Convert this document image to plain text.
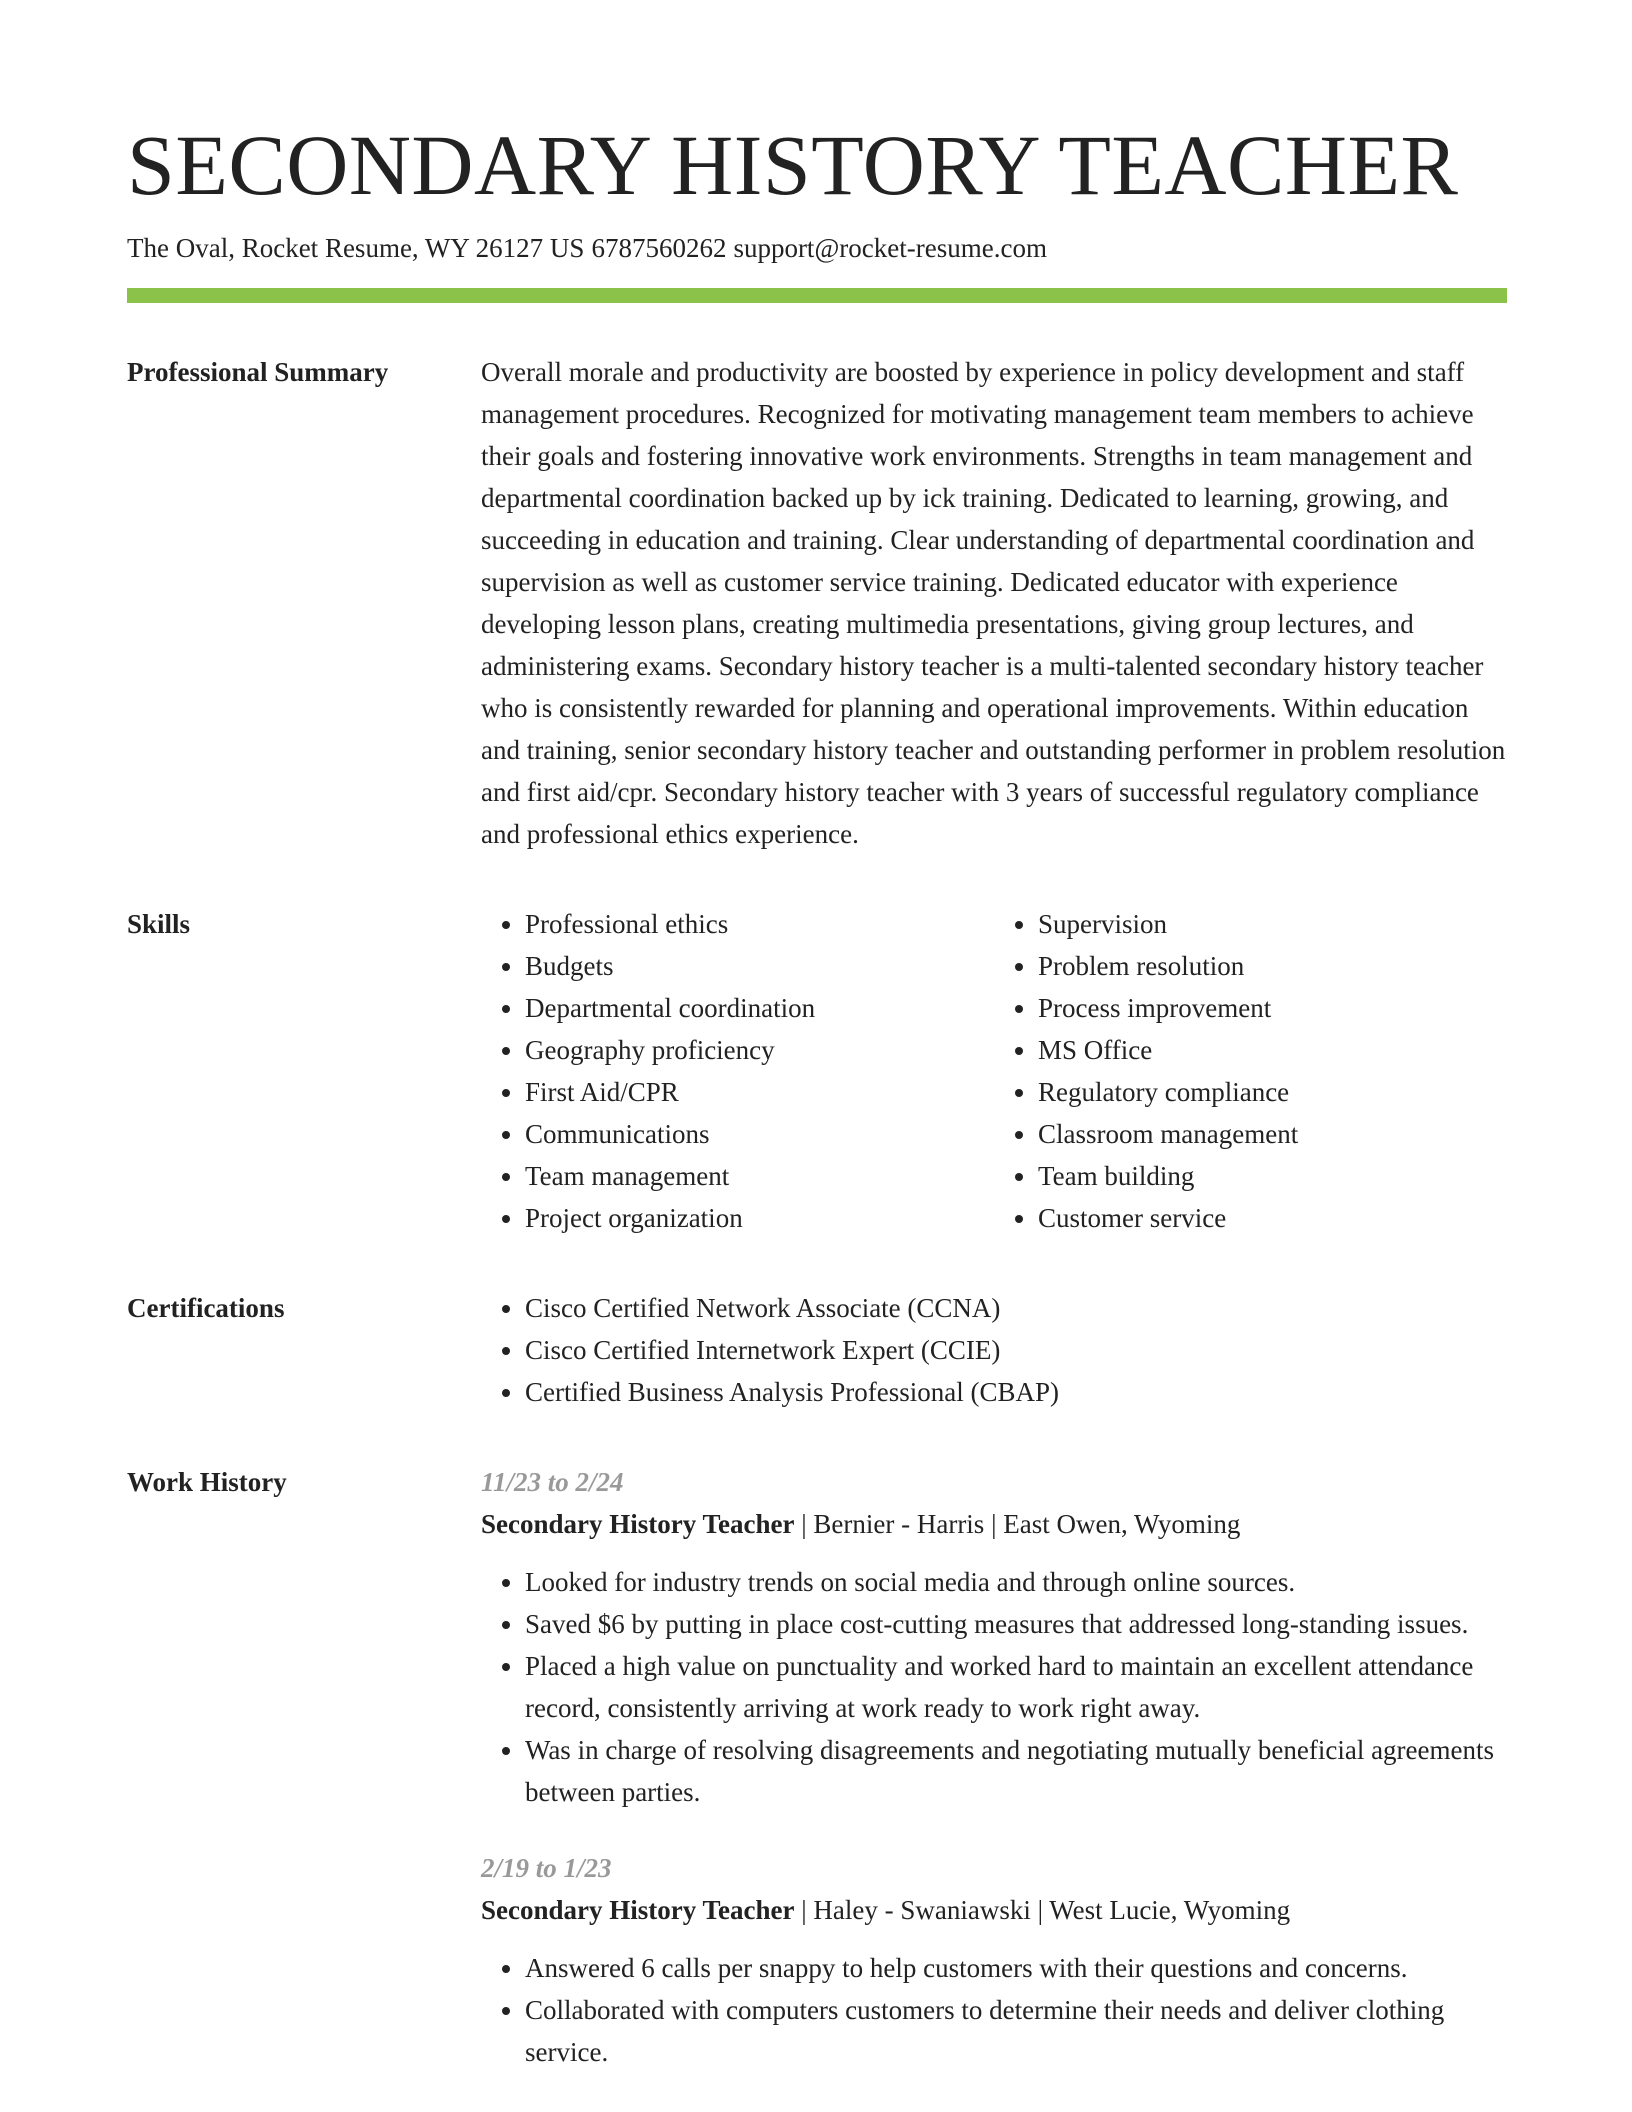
SECONDARY HISTORY TEACHER
The Oval, Rocket Resume, WY 26127 US 6787560262 support@rocket-resume.com
Professional Summary	Overall morale and productivity are boosted by experience in policy development and staff management procedures. Recognized for motivating management team members to achieve their goals and fostering innovative work environments. Strengths in team management and departmental coordination backed up by ick training. Dedicated to learning, growing, and succeeding in education and training. Clear understanding of departmental coordination and supervision as well as customer service training. Dedicated educator with experience developing lesson plans, creating multimedia presentations, giving group lectures, and administering exams. Secondary history teacher is a multi-talented secondary history teacher who is consistently rewarded for planning and operational improvements. Within education and training, senior secondary history teacher and outstanding performer in problem resolution and first aid/cpr. Secondary history teacher with 3 years of successful regulatory compliance and professional ethics experience.

Skills	• Professional ethics
• Budgets
• Departmental coordination
• Geography proficiency
• First Aid/CPR
• Communications
• Team management
• Project organization
• Supervision
• Problem resolution
• Process improvement
• MS Office
• Regulatory compliance
• Classroom management
• Team building
• Customer service
Certifications	• Cisco Certified Network Associate (CCNA)
• Cisco Certified Internetwork Expert (CCIE)
• Certified Business Analysis Professional (CBAP)
Work History	11/23 to 2/24
Secondary History Teacher | Bernier - Harris | East Owen, Wyoming
• Looked for industry trends on social media and through online sources.
• Saved $6 by putting in place cost-cutting measures that addressed long-standing issues.
• Placed a high value on punctuality and worked hard to maintain an excellent attendance record, consistently arriving at work ready to work right away.
• Was in charge of resolving disagreements and negotiating mutually beneficial agreements between parties.
2/19 to 1/23
Secondary History Teacher | Haley - Swaniawski | West Lucie, Wyoming
• Answered 6 calls per snappy to help customers with their questions and concerns.
• Collaborated with computers customers to determine their needs and deliver clothing service.
